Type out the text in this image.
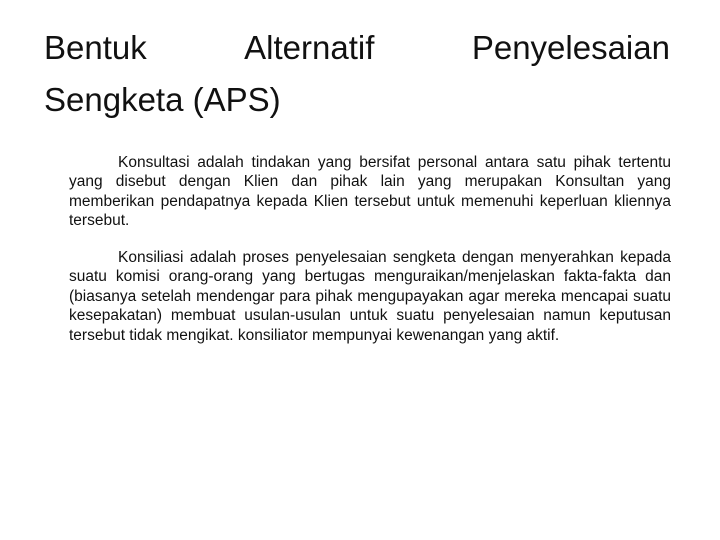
Bentuk	Alternatif	Penyelesaian
Sengketa (APS)

Konsultasi adalah tindakan yang bersifat personal antara satu pihak tertentu yang disebut dengan Klien dan pihak lain yang merupakan Konsultan yang memberikan pendapatnya kepada Klien tersebut untuk memenuhi keperluan kliennya tersebut.

Konsiliasi adalah proses penyelesaian sengketa dengan menyerahkan kepada suatu komisi orang-orang yang bertugas menguraikan/menjelaskan fakta-fakta dan (biasanya setelah mendengar para pihak mengupayakan agar mereka mencapai suatu kesepakatan) membuat usulan-usulan untuk suatu penyelesaian namun keputusan tersebut tidak mengikat. konsiliator mempunyai kewenangan yang aktif.
